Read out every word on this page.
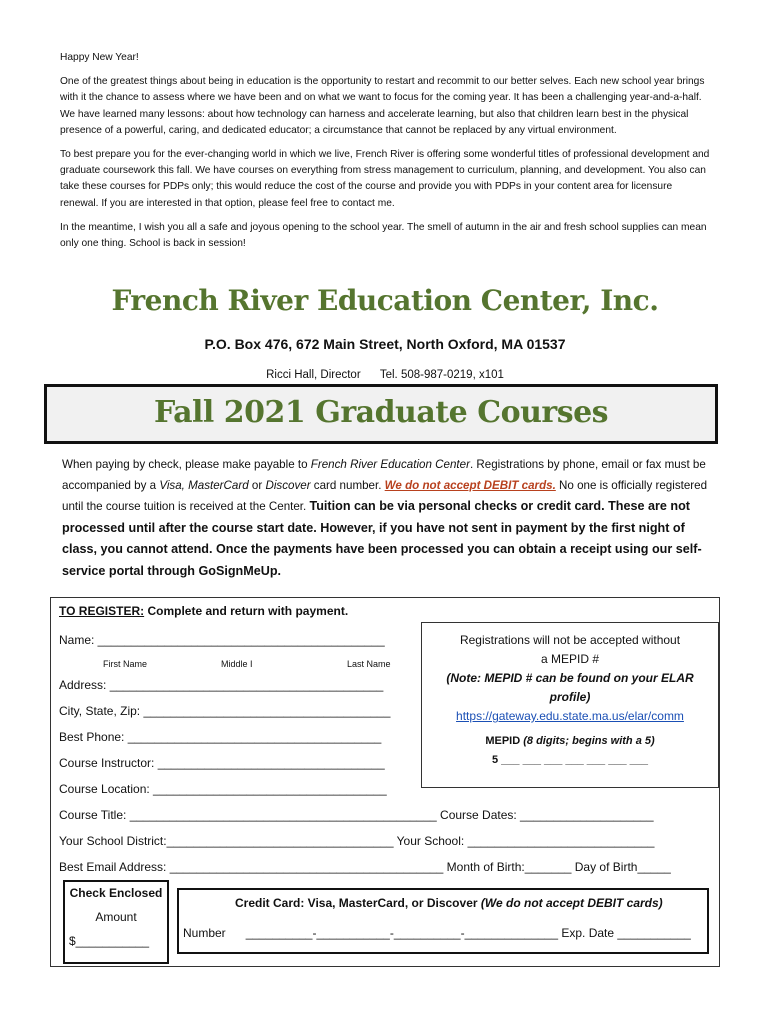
Happy New Year!

One of the greatest things about being in education is the opportunity to restart and recommit to our better selves. Each new school year brings with it the chance to assess where we have been and on what we want to focus for the coming year. It has been a challenging year-and-a-half. We have learned many lessons: about how technology can harness and accelerate learning, but also that children learn best in the physical presence of a powerful, caring, and dedicated educator; a circumstance that cannot be replaced by any virtual environment.

To best prepare you for the ever-changing world in which we live, French River is offering some wonderful titles of professional development and graduate coursework this fall. We have courses on everything from stress management to curriculum, planning, and development. You also can take these courses for PDPs only; this would reduce the cost of the course and provide you with PDPs in your content area for licensure renewal. If you are interested in that option, please feel free to contact me.

In the meantime, I wish you all a safe and joyous opening to the school year. The smell of autumn in the air and fresh school supplies can mean only one thing. School is back in session!

French River Education Center, Inc.
P.O. Box 476, 672 Main Street, North Oxford, MA 01537
Ricci Hall, Director Tel. 508-987-0219, x101
Fall 2021 Graduate Courses
When paying by check, please make payable to French River Education Center. Registrations by phone, email or fax must be accompanied by a Visa, MasterCard or Discover card number. We do not accept DEBIT cards. No one is officially registered until the course tuition is received at the Center. Tuition can be via personal checks or credit card. These are not processed until after the course start date. However, if you have not sent in payment by the first night of class, you cannot attend. Once the payments have been processed you can obtain a receipt using our self-service portal through GoSignMeUp.
TO REGISTER: Complete and return with payment.
Name: ___________________________________________
First Name	Middle I	Last Name
Address: _________________________________________
City, State, Zip: _____________________________________
Best Phone: ______________________________________
Course Instructor: __________________________________
Course Location: ___________________________________
Registrations will not be accepted without
a MEPID #
(Note: MEPID # can be found on your ELAR
profile)
https://gateway.edu.state.ma.us/elar/comm
MEPID (8 digits; begins with a 5)
5 ___ ___ ___ ___ ___ ___ ___
Course Title: ______________________________________________ Course Dates: ____________________
Your School District:__________________________________ Your School: ____________________________
Best Email Address: _________________________________________ Month of Birth:_______ Day of Birth_____
Check Enclosed
Amount
$___________
Credit Card: Visa, MasterCard, or Discover (We do not accept DEBIT cards)
Number __________-___________-__________-______________ Exp. Date ___________
